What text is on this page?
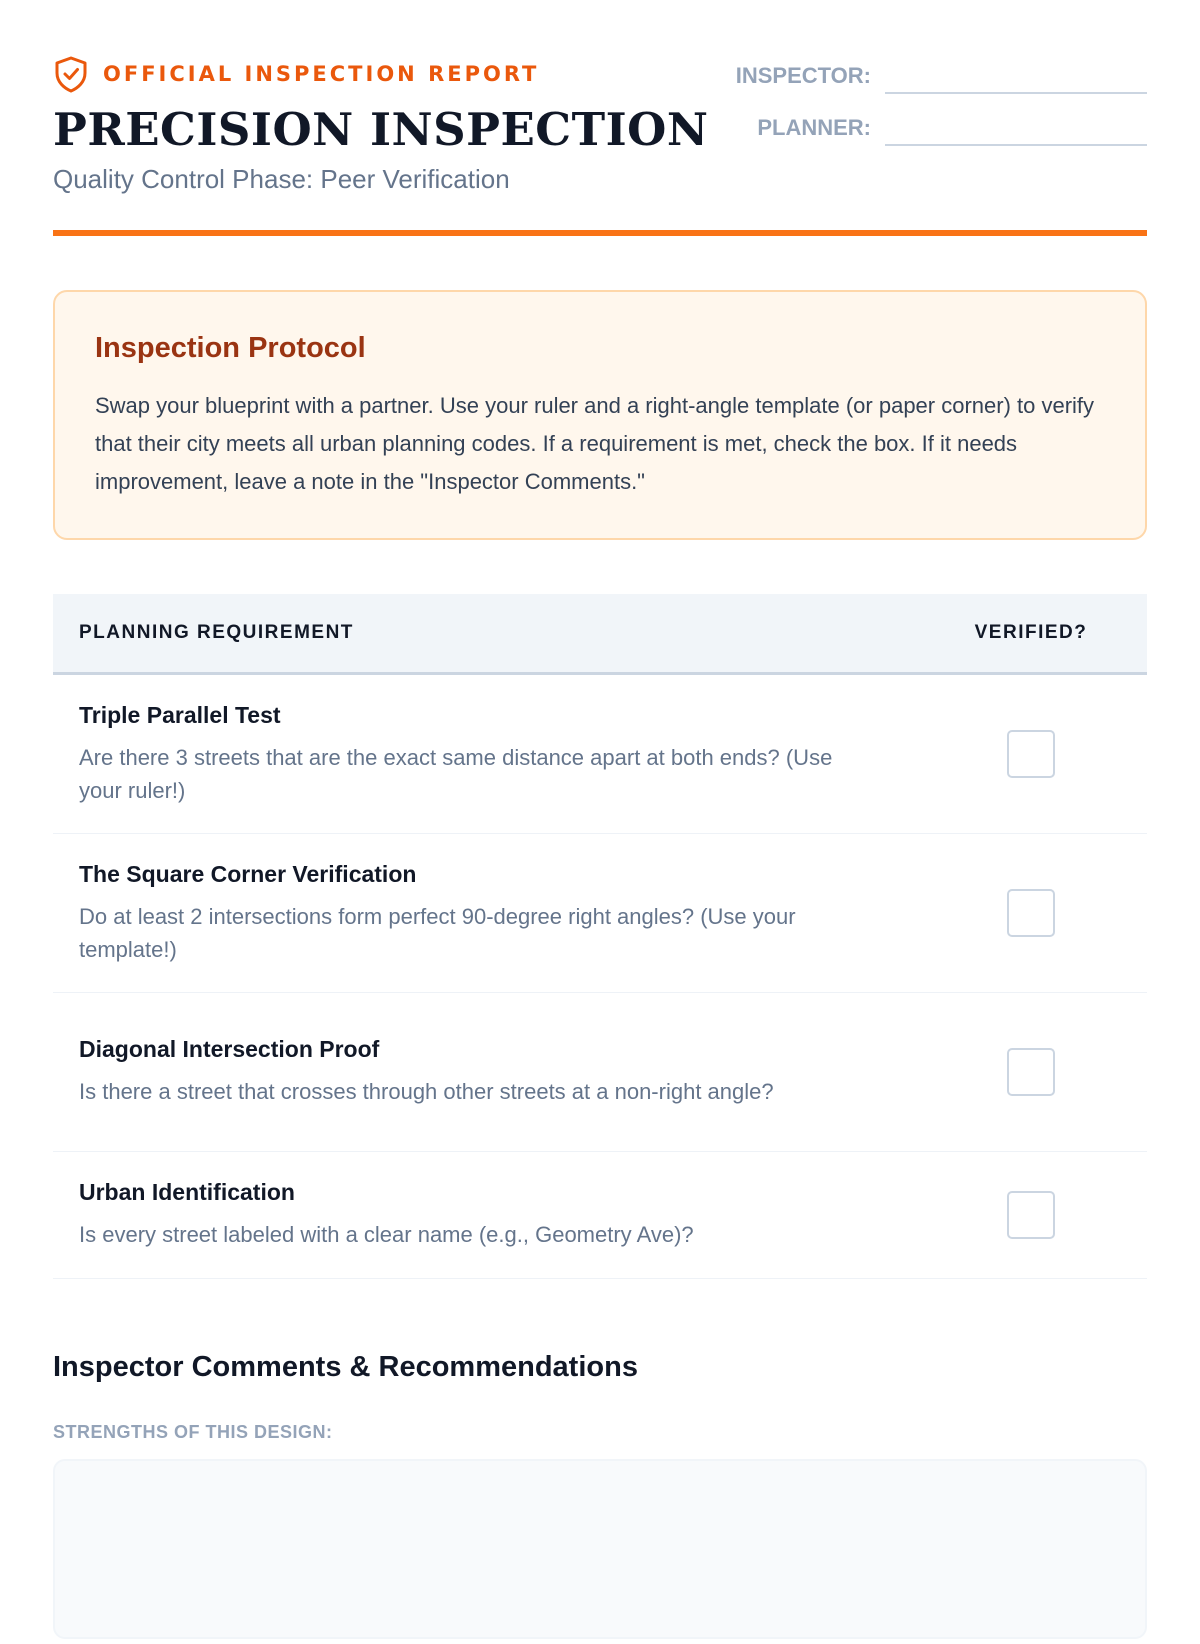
OFFICIAL INSPECTION REPORT
PRECISION INSPECTION
Quality Control Phase: Peer Verification
INSPECTOR:
PLANNER:
Inspection Protocol
Swap your blueprint with a partner. Use your ruler and a right-angle template (or paper corner) to verify that their city meets all urban planning codes. If a requirement is met, check the box. If it needs improvement, leave a note in the "Inspector Comments."
PLANNING REQUIREMENT	VERIFIED?
Triple Parallel Test
Are there 3 streets that are the exact same distance apart at both ends? (Use your ruler!)
The Square Corner Verification
Do at least 2 intersections form perfect 90-degree right angles? (Use your template!)
Diagonal Intersection Proof
Is there a street that crosses through other streets at a non-right angle?
Urban Identification
Is every street labeled with a clear name (e.g., Geometry Ave)?
Inspector Comments & Recommendations
STRENGTHS OF THIS DESIGN:
